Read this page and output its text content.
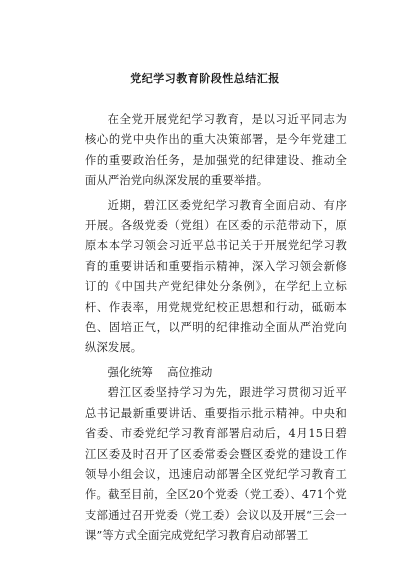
党纪学习教育阶段性总结汇报

在全党开展党纪学习教育，是以习近平同志为核心的党中央作出的重大决策部署，是今年党建工作的重要政治任务，是加强党的纪律建设、推动全面从严治党向纵深发展的重要举措。

近期，碧江区委党纪学习教育全面启动、有序开展。各级党委（党组）在区委的示范带动下，原原本本学习领会习近平总书记关于开展党纪学习教育的重要讲话和重要指示精神，深入学习领会新修订的《中国共产党纪律处分条例》，在学纪上立标杆、作表率，用党规党纪校正思想和行动，砥砺本色、固培正气，以严明的纪律推动全面从严治党向纵深发展。

强化统筹    高位推动

碧江区委坚持学习为先，跟进学习贯彻习近平总书记最新重要讲话、重要指示批示精神。中央和省委、市委党纪学习教育部署启动后，4月15日碧江区委及时召开了区委常委会暨区委党的建设工作领导小组会议，迅速启动部署全区党纪学习教育工作。截至目前，全区20个党委（党工委）、471个党支部通过召开党委（党工委）会议以及开展“三会一课”等方式全面完成党纪学习教育启动部署工
